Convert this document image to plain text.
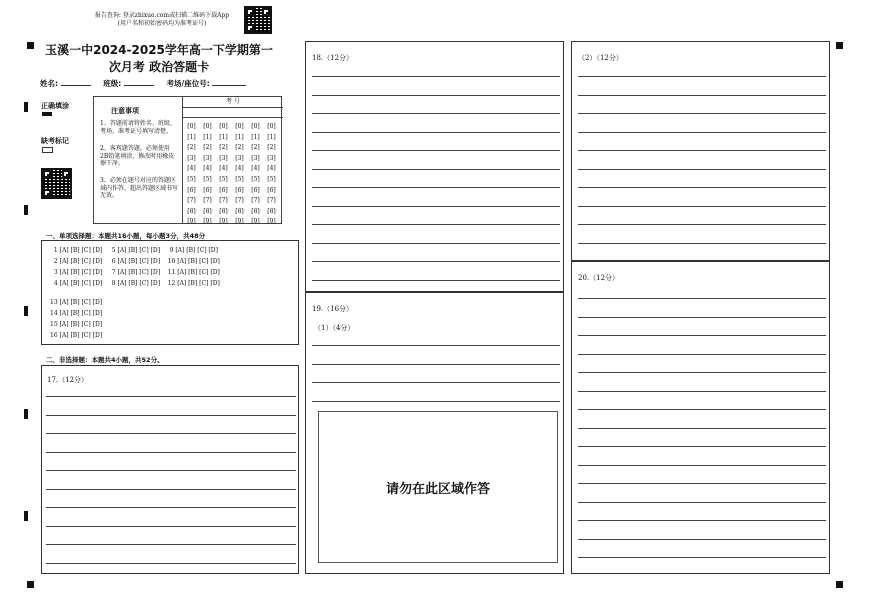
报告查询: 登录zhixue.com或扫描二维码下载App
(用户名和初始密码均为准考证号)
玉溪一中2024-2025学年高一下学期第一
次月考 政治答题卡
姓名:	班级:	考场/座位号:
正确填涂
缺考标记
注意事项
1、答题前请将姓名、班级、考场、准考证号填写清楚。
2、客观题答题，必须使用2B铅笔填涂，修改时用橡皮擦干净。
3、必须在题号对应的答题区域内作答，超出答题区域书写无效。
考 号
[0]
[1]
[2]
[3]
[4]
[5]
[6]
[7]
[8]
[9]
[0]
[1]
[2]
[3]
[4]
[5]
[6]
[7]
[8]
[9]
[0]
[1]
[2]
[3]
[4]
[5]
[6]
[7]
[8]
[9]
[0]
[1]
[2]
[3]
[4]
[5]
[6]
[7]
[8]
[9]
[0]
[1]
[2]
[3]
[4]
[5]
[6]
[7]
[8]
[9]
[0]
[1]
[2]
[3]
[4]
[5]
[6]
[7]
[8]
[9]
一、单项选择题：本题共16小题，每小题3分，共48分
1 [A] [B] [C] [D]     5 [A] [B] [C] [D]     9 [A] [B] [C] [D]
2 [A] [B] [C] [D]     6 [A] [B] [C] [D]    10 [A] [B] [C] [D]
3 [A] [B] [C] [D]     7 [A] [B] [C] [D]    11 [A] [B] [C] [D]
4 [A] [B] [C] [D]     8 [A] [B] [C] [D]    12 [A] [B] [C] [D]
13 [A] [B] [C] [D]
14 [A] [B] [C] [D]
15 [A] [B] [C] [D]
16 [A] [B] [C] [D]
二、非选择题：本题共4小题，共52分。
17.（12分）
18.（12分）
19.（16分）
（1）（4分）
请勿在此区域作答
（2）（12分）
20.（12分）
